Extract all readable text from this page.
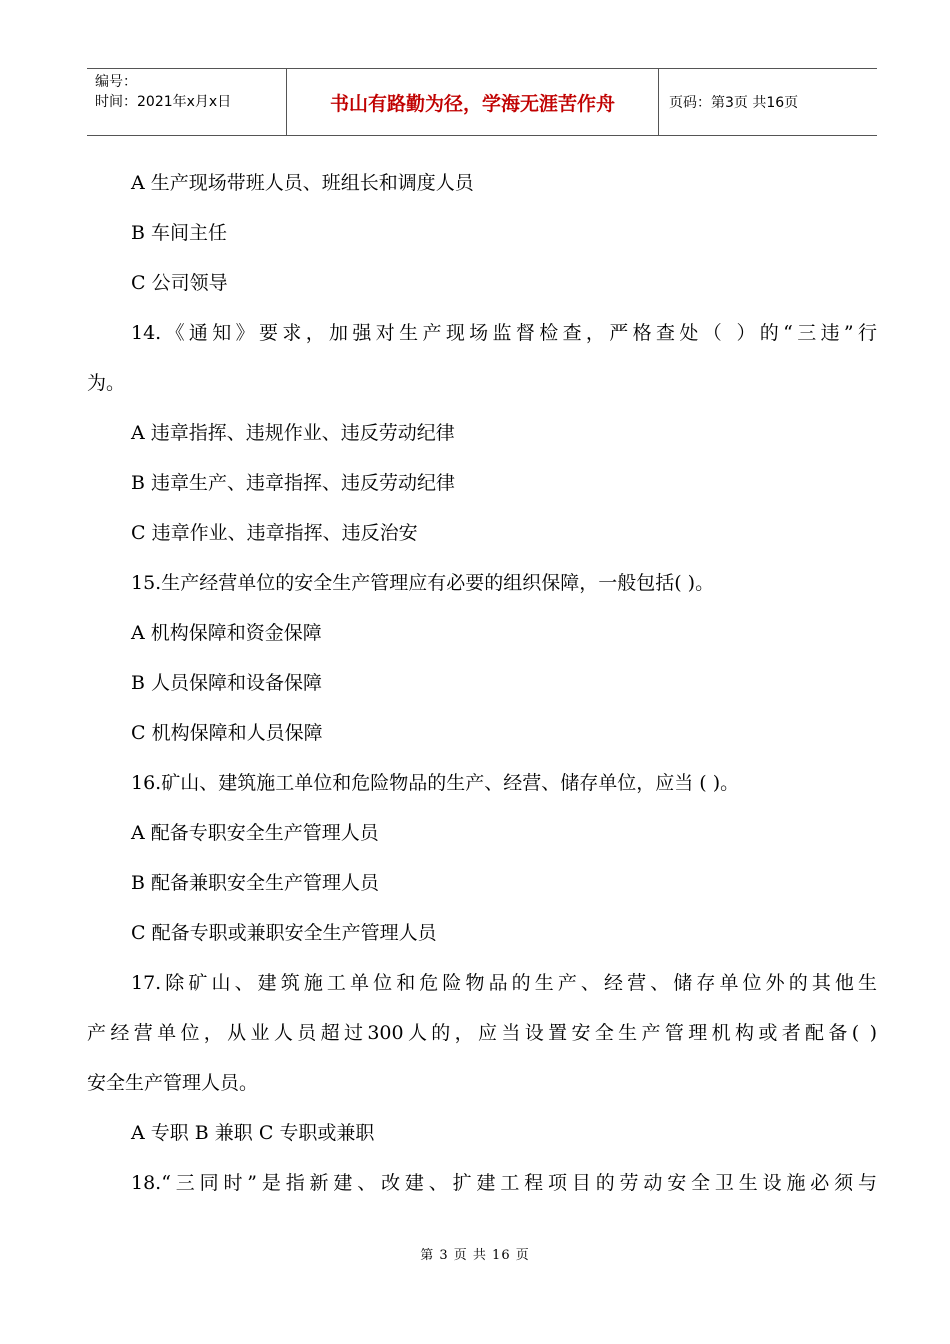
编号：
时间：2021年x月x日	书山有路勤为径，学海无涯苦作舟	页码：第3页 共16页
A 生产现场带班人员、班组长和调度人员
B 车间主任
C 公司领导
14.《通知》要求，加强对生产现场监督检查，严格查处（ ）的“三违”行
为。
A 违章指挥、违规作业、违反劳动纪律
B 违章生产、违章指挥、违反劳动纪律
C 违章作业、违章指挥、违反治安
15.生产经营单位的安全生产管理应有必要的组织保障，一般包括( )。
A 机构保障和资金保障
B 人员保障和设备保障
C 机构保障和人员保障
16.矿山、建筑施工单位和危险物品的生产、经营、储存单位，应当 ( )。
A 配备专职安全生产管理人员
B 配备兼职安全生产管理人员
C 配备专职或兼职安全生产管理人员
17.除矿山、建筑施工单位和危险物品的生产、经营、储存单位外的其他生
产经营单位，从业人员超过300人的，应当设置安全生产管理机构或者配备( )
安全生产管理人员。
A 专职 B 兼职 C 专职或兼职
18.“三同时”是指新建、改建、扩建工程项目的劳动安全卫生设施必须与
第 3 页 共 16 页
